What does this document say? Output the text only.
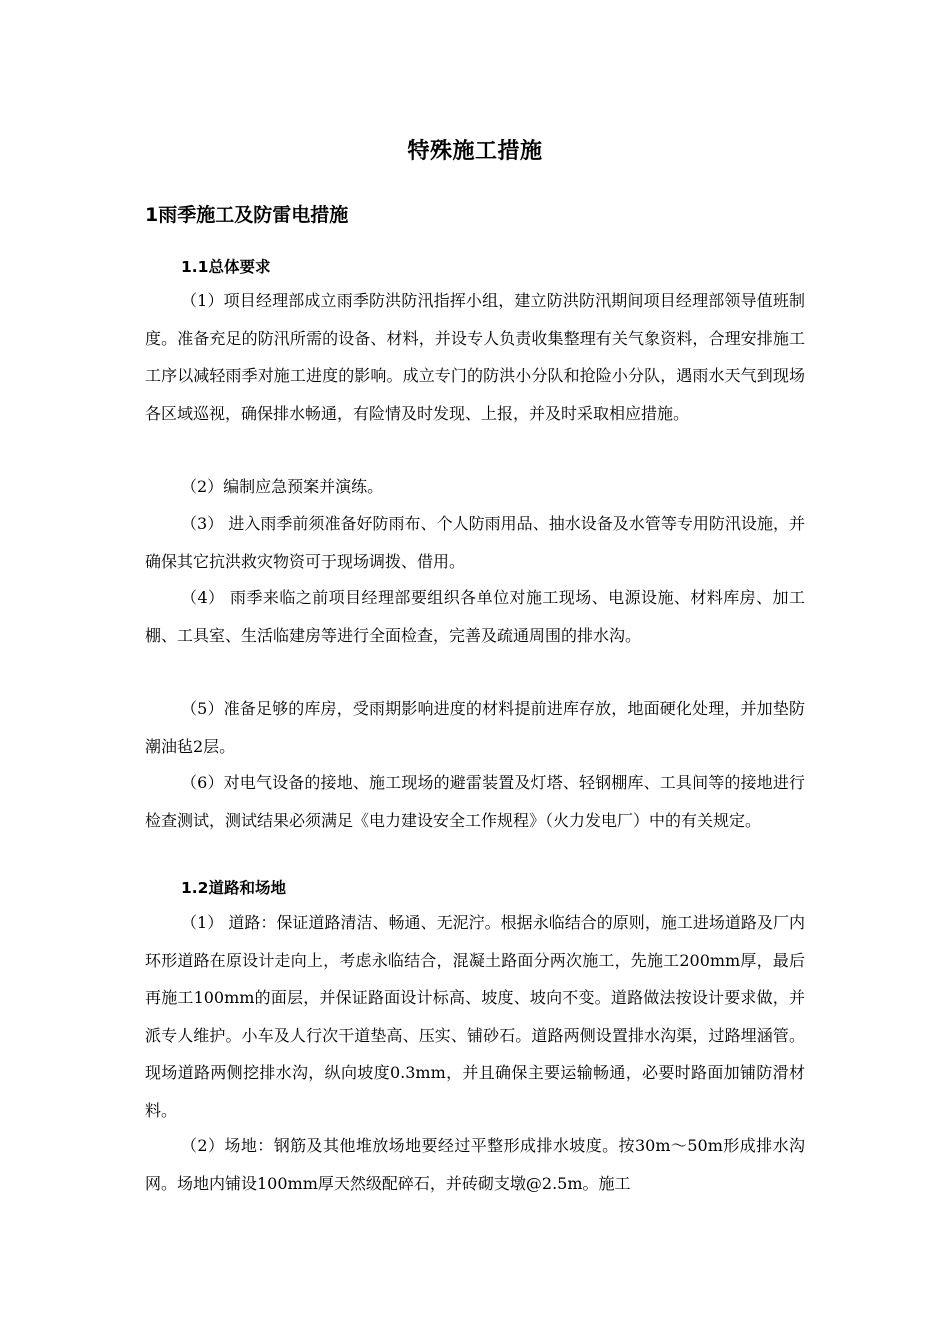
特殊施工措施
1雨季施工及防雷电措施
1.1总体要求

（1）项目经理部成立雨季防洪防汛指挥小组，建立防洪防汛期间项目经理部领导值班制度。准备充足的防汛所需的设备、材料，并设专人负责收集整理有关气象资料，合理安排施工工序以减轻雨季对施工进度的影响。成立专门的防洪小分队和抢险小分队，遇雨水天气到现场各区域巡视，确保排水畅通，有险情及时发现、上报，并及时采取相应措施。

（2）编制应急预案并演练。

（3） 进入雨季前须准备好防雨布、个人防雨用品、抽水设备及水管等专用防汛设施，并确保其它抗洪救灾物资可于现场调拨、借用。

（4） 雨季来临之前项目经理部要组织各单位对施工现场、电源设施、材料库房、加工棚、工具室、生活临建房等进行全面检查，完善及疏通周围的排水沟。

（5）准备足够的库房，受雨期影响进度的材料提前进库存放，地面硬化处理，并加垫防潮油毡2层。

（6）对电气设备的接地、施工现场的避雷装置及灯塔、轻钢棚库、工具间等的接地进行检查测试，测试结果必须满足《电力建设安全工作规程》（火力发电厂）中的有关规定。

1.2道路和场地

（1） 道路：保证道路清洁、畅通、无泥泞。根据永临结合的原则，施工进场道路及厂内环形道路在原设计走向上，考虑永临结合，混凝土路面分两次施工，先施工200mm厚，最后再施工100mm的面层，并保证路面设计标高、坡度、坡向不变。道路做法按设计要求做，并派专人维护。小车及人行次干道垫高、压实、铺砂石。道路两侧设置排水沟渠，过路埋涵管。现场道路两侧挖排水沟，纵向坡度0.3mm，并且确保主要运输畅通，必要时路面加铺防滑材料。

（2）场地：钢筋及其他堆放场地要经过平整形成排水坡度。按30m～50m形成排水沟网。场地内铺设100mm厚天然级配碎石，并砖砌支墩@2.5m。施工
